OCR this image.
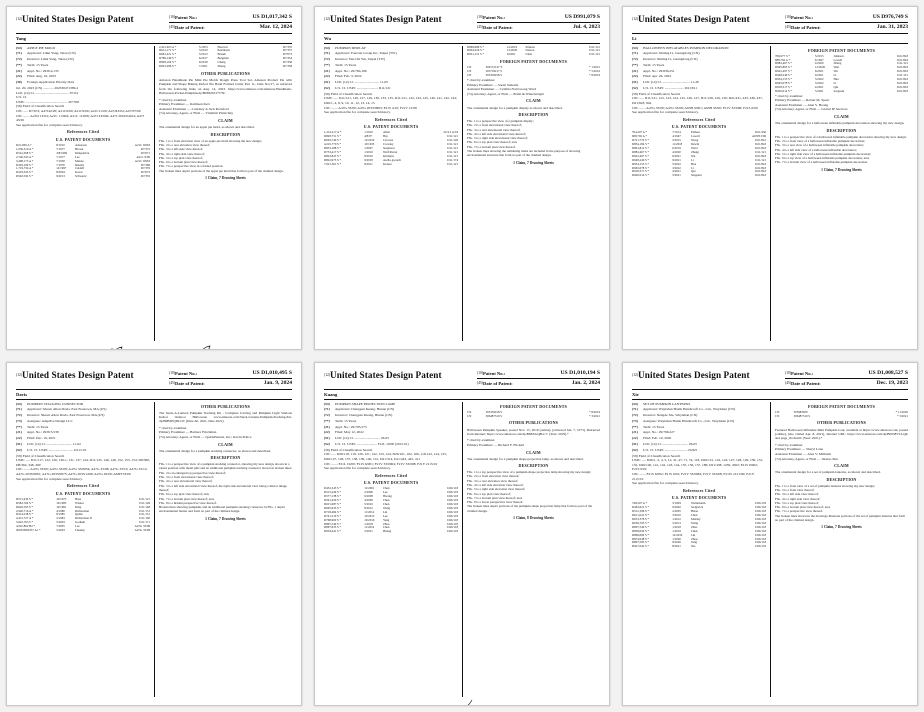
(12) United States Design Patent	(10) Patent No.:	US D1,017,342 S
(45) Date of Patent:	Mar. 12, 2024
Yang
(54)	APPLE PIE MOLD
(71)	Applicant: Lihui Yang, Taizu (CN)
(72)	Inventor: Lihui Yang, Taizu (CN)
(**)	Term: 15 Years
(21)	Appl. No.: 29/814,135
(22)	Filed: Aug. 16, 2023
(30)	Foreign Application Priority Data
Jul. 20, 2023 (CN) ............ 202330471389.4
LOC (14) Cl. ...................................... 07-04
U.S. Cl.
USPC ................................................ D7/358
(58) Field of Classification Search
CPC ..... D7/672; A47J42/20; A21C9/00; A21C9/06; A21C11/00; A47J43/04; A47J37/00
CPC ....... A21D 13/04; A21C 11/004; A21C 11/008; A47J 43/046; A47J 2043/04454; A47J 43/20
See application file for complete search history.
References Cited
U.S. PATENT DOCUMENTS
D21,839 A *	8/1910	Ackerson	A21C 9/063
1,036,519 A *	7/1977	Brown	D7/372
D522,308 S *	3/8/1982	Kirkpatrick	D7/671
2,740,345 A *	7/1977	Lee	A21C 9/00
3,498,175 A *	7/1950	Massie	A21C 9/063
D329,169 S *	7/1976	Rizzuti	D7/366
1,719,734 A *	12/1997	Caldeff	D7/376
D418,343 S *	8/2004	Kovac	D7/672
D540,592 S *	9/2013	Schwartz	D7/355
2,421,025 A *	5/1953	Howard	D7/355
D612,171 S *	3/2010	Pendleton	D7/357
D681,421 S *	5/2013	Brandt	D7/673
D789,149 S *	6/2017	Bergman	D7/354
D828,104 S *	9/2018	Cheng	D7/358
D925,286 S *	7/2021	Zhang	D7/358
OTHER PUBLICATIONS
Amazon Handmade Pie Mini Pie Molds Dough Press Tool Set, Amazon Product Pie with Pumpkin and Shape Baking Perfect Pie Hand Formed Cutter Part 11,. Date Nov17, as retrieved from the following links on Aug. 14, 2023. https://www.amazon.com/Amazon-Handmade-Halloween-Pocket-Pumpkin-dp/B08XNZVT7N/.
* cited by examiner
Primary Examiner — Kathleen Kerr
Assistant Examiner — Courtney A Jack Rockford
(74) Attorney, Agent, or Firm — Vladimir Pivnichny
CLAIM
The ornamental design for an apple pie mold, as shown and described.
DESCRIPTION
FIG. 1 is a front elevation view of an apple pie mold showing the new design;
FIG. 2 is a rear elevation view thereof;
FIG. 3 is a left-side view thereof;
FIG. 4 is a right-side view thereof;
FIG. 5 is a top plan view thereof;
FIG. 6 is a bottom plan view thereof;
FIG. 7 is a perspective view in a folded position.
The broken lines depict portions of the apple pie mold that form no part of the claimed design.
1 Claim, 7 Drawing Sheets
(12) United States Design Patent	(10) Patent No.:	US D991,079 S
(45) Date of Patent:	Jul. 4, 2023
Wu
(54)	PUMPKIN DISPLAY
(71)	Applicant: Yourstar Group Inc, Taipei (TW)
(72)	Inventor: Yen-Chi Wu, Taipei (TW)
(**)	Term: 15 Years
(21)	Appl. No.: 29/784,186
(22)	Filed: Feb. 3, 2022
(51)	LOC (14) Cl. ............................ 11-05
(52)	U.S. Cl. USPC ........................ D11/121
(58) Field of Classification Search
USPC ..... D11/121, 126, 127, 129, 130, 133, 135, D11/121, 122, 124, 125, 140, 141, 142, 144; D26/1, 4, 8, 9, 10, 11, 12, 13, 14, 15
CPC ....... A47G 33/00; A47G 2033/0863; F21S 4/10; F21V 21/08
See application file for complete search history.
References Cited
U.S. PATENT DOCUMENTS
1,214,217 A *	1/1910	Allen	22/4 2 A/18
D828,751 S *	4/8/07	Bay	D11/121
D629,749 S *	12/2010	Ciccone	D11/126
4,210,779 S *	10/1935	Crowley	D11/121
D833,188 S *	1/2007	Stapleton	D11/121
D733,417 S *	1/2010	Wolf/Porter	D11/121
D822,847 S *	8/2010	Kitchens	D11/121
D822,975 S *	9/2018	Arella-gwasch	D11/174
7,921,501 S *	8/2011	Krausz	D11/121
D869,989 S *	12/2019	Simons	D11/121
D904,226 S *	12/2020	Nelson	D11/121
D931,151 S *	9/2021	Chen	D11/121
FOREIGN PATENT DOCUMENTS
CN	300172147 Y	* 1/2021
CN	303718217 S	* 5/2016
CN	305339018 S	* 8/2019
* cited by examiner
Primary Examiner — Sarah Stakalla
Assistant Examiner — Cynthia Nail Luong Ward
(74) Attorney, Agent, or Firm — Bolin & Wheelwright
CLAIM
The ornamental design for a pumpkin display as shown and described.
DESCRIPTION
FIG. 1 is a perspective view of a pumpkin display;
FIG. 2 is a front elevational view thereof;
FIG. 3 is a rear elevational view thereof;
FIG. 4 is a left side elevational view thereof;
FIG. 5 is a right side elevational view thereof;
FIG. 6 is a top plan view thereof; and,
FIG. 7 is a bottom plan view thereof.
The broken lines showing the remaining items are included in the purpose of showing environmental structure that form no part of the claimed design.
1 Claim, 7 Drawing Sheets
(12) United States Design Patent	(10) Patent No.:	US D976,749 S
(45) Date of Patent:	Jan. 31, 2023
Li
(54)	HALLOWEEN INFLATABLES PUMPKIN DECORATION
(71)	Applicant: Xinling Li, Guangdong (CN)
(72)	Inventor: Xinling Li, Guangdong (CN)
(**)	Term: 15 Years
(21)	Appl. No.: 29/836,251
(22)	Filed: Apr. 26, 2022
(51)	LOC (14) Cl. ............................... 11-49
(52)	U.S. Cl. USPC ...................... D21/811
(58) Field of Classification Search
CPC ..... D11/121, 122, 123, 124, 125, 126, 127, D11/128, 129, 130; D21/431, 433, 436, 437, D21/843, 844
CPC ....... A47G 33/00; A47G 33/08; A63H 3/001; A63H 33/00; F21V 33/008; F21S 6/00
See application file for complete search history.
References Cited
U.S. PATENT DOCUMENTS
704,207 A *	7/1914	Ealhew	D21/436
608,702 A *	4/1947	Lowell	A63H 3/06
D721,774 S *	2/2015	Wong	D21/841
D834,184 S *	11/2018	Dewitt	D21/843
D861,812 S *	6/2019	Ward	D21/843
D882,467 S *	4/2020	Zhang	D11/121
D922,497 S *	6/2021	Wu	D21/843
D928,249 S *	9/2021	Li	D11/121
D954,153 S *	5/2022	Hua	D21/843
D965,078 S *	3/2022	Li	D21/843
D918,317 S *	4/2021	Qiu	D21/843
D920,014 S *	5/2021	Sergeant	D21/843
FOREIGN PATENT DOCUMENTS
706,977 S *	5/2015	Johnson	D21/843
688,702 A *	6/1947	Lowell	D21/843
D882,467 S *	4/2020	Zhang	D11/121
D905,805 S *	12/2020	Wen	D21/843
D922,497 S *	6/2021	Wu	D21/843
D928,249 S *	9/2021	Li	D11/121
D954,153 S *	5/2022	Hua	D21/843
D965,078 S *	3/2022	Li	D21/843
D918,317 S *	4/2021	Qiu	D21/843
D920,014 S *	5/2021	Sergeant	D21/843
* cited by examiner
Primary Examiner — Robert M. Spear
Assistant Examiner — Alan S. Hoang
(74) Attorney, Agent, or Firm — Global IP Services
CLAIM
The ornamental design for a halloween inflatable pumpkin decoration showing my new design.
DESCRIPTION
FIG. 1 is a perspective view of a halloween inflatable pumpkin decoration showing my new design;
FIG. 2 is a front view of a halloween inflatable pumpkin decoration;
FIG. 3 is a rear view of a halloween inflatable pumpkin decoration;
FIG. 4 is a left side view of a halloween inflatable decoration;
FIG. 5 is a right side view of a halloween inflatable pumpkin decoration;
FIG. 6 is a top view of a halloween inflatable pumpkin decoration; and,
FIG. 7 is a bottom view of a halloween inflatable pumpkin decoration.
1 Claim, 7 Drawing Sheets
(12) United States Design Patent	(10) Patent No.:	US D1,010,495 S
(45) Date of Patent:	Jan. 9, 2024
Davis
(54)	PUMPKIN STACKING CONNECTOR
(71)	Applicant: Shawn Allen Davis, East Freetown, MA (US)
(72)	Inventor: Shawn Allen Davis, East Freetown, MA (US)
(73)	Assignee: AdaptIve Design LLC
(**)	Term: 15 Years
(21)	Appl. No.: 29/815,538
(22)	Filed: Dec. 19, 2021
(51)	LOC (14) Cl. ............................. 11-02
(52)	U.S. Cl. USPC ............................ D11/119
(58) Field of Classification Search
USPC ..... D11/117, 122, 126, 130-1, 131, 137, 144, D11/145, 146, 149, 152, 153, 154; D8/360, D8/362, 348, 490
CPC ....... A47G 33/00; A47G 33/08; A47G 33/0854; A47G 33/08; A47G 33/10; A47G 33/12; A47G 2033/0861; A47G 2033/0875; A47G 2033/1266; A47G 29/00; A63H 33/00
See application file for complete search history.
References Cited
U.S. PATENT DOCUMENTS
D515,430 S *	10/1973	Haas	D11/121
D582,764 S *	10/1985	Wisner	D11/149
D626,763 S *	10/1981	King	D11/148
2,920,716 A *	4/1980	Richardson	D11/151
D414,238 S *	8/1985	Quinn	D11/151
4,412,727 A *	2/1983	Richardson II	D11/140
5,622,763 S *	5/2003	Gorham	D11/171
4,910,802 B2 *	7/2005	Lee	A47G 33/08
2003/0082337 A1 *	5/2003	Cheung	A47G 33/08
OTHER PUBLICATIONS
The Stack-A-Lantern Pumpkin Stacking Kit - Complete Carving and Pumpkin Light Stations Indoor Outdoor Halloween www.amazon.com/Stack-Lantern-Pumpkin-Stacking-Kit-dp/B0B3PQDLC0/ (Date Jul, 2021, Date 2021).
* cited by examiner
Primary Examiner — Barbara Fritchman
(74) Attorney, Agent, or Firm — QuickPatents, Inc.; Kevin Prince
CLAIM
The ornamental design for a pumpkin stacking connector, as shown and described.
DESCRIPTION
FIG. 1 is a perspective view of a pumpkin stacking connector, showing my new design, shown in a raised position with metal pins and an additional pumpkin stacking connector shown in broken lines;
FIG. 2 is an enlarged top perspective view thereof;
FIG. 3 is a front elevational view thereof;
FIG. 4 is a rear elevational view thereof;
FIG. 5 is a left side elevational view thereof, the right side elevational view being a mirror image thereof;
FIG. 6 is a top plan view thereof; and,
FIG. 7 is a bottom plan view thereof; and,
FIG. 8 is a hidden perspective view thereof.
Broken lines showing pumpkins and an additional pumpkin stacking connector in FIG. 1 depict environmental matter and form no part of the claimed design.
1 Claim, 7 Drawing Sheets
(12) United States Design Patent	(10) Patent No.:	US D1,010,194 S
(45) Date of Patent:	Jan. 2, 2024
Kuang
(54)	PUMPKIN SHAPE PROJECTION LAMP
(71)	Applicant: Chengpan Kuang, Hunan (CN)
(72)	Inventor: Chengpan Kuang, Hunan (CN)
(**)	Term: 15 Years
(21)	Appl. No.: 29/785,573
(22)	Filed: May 12, 2022
(51)	LOC (14) Cl. ............................. 26-05
(52)	U.S. Cl. USPC ....................... F21L 19/00 (2015.01)
(58) Field of Classification Search
CPC ..... D26/118, 119, 120, 121, 122, 123, 124, D26/101, 102, 106, 118-122, 124, 125, D26/127, 128, 137, 138, 139, 140, 141, D21/314, D11/443, 445, 411
CPC ....... F21L 19/00; F21S 6/001; F21V 33/0004; F21V 33/008; F21Y 2115/10
See application file for complete search history.
References Cited
U.S. PATENT DOCUMENTS
D452,343 S *	12/2001	Chan	D26/118
D515,249 S *	2/2006	Lee	D26/118
D577,138 S *	9/2008	Hwang	D26/118
D591,450 S *	4/2009	Chen	D26/118
D615,687 S *	5/2010	Chen	D26/118
D665,933 S *	8/2012	Wang	D26/118
D718,484 S *	11/2014	Lin	D26/118
D741,519 S *	10/2015	Lee	D26/118
D768,900 S *	10/2016	Yang	D26/118
D807,549 S *	1/2018	Zhou	D26/118
D867,635 S *	11/2019	Chen	D26/118
D918,441 S *	5/2021	Huang	D26/118
FOREIGN PATENT DOCUMENTS
CN	305339018 S	* 8/2019
CN	306487319 S	* 3/2021
OTHER PUBLICATIONS
Halloween Pumpkin Speaker, posted Nov. 15, 2019 (online), [retrieved Jun. 7, 1073]. Retrieved from Internet: https://www.amazon.com/dp/B08XGQ8LC7. (Year: 2019).*
* cited by examiner
Primary Examiner — Richard F. Flickert
CLAIM
The ornamental design for a pumpkin shape projection lamp, as shown and described.
DESCRIPTION
FIG. 1 is a top perspective view of a pumpkin shape projection lamp showing my new design;
FIG. 2 is a front elevation view thereof;
FIG. 3 is a rear elevation view thereof;
FIG. 4 is a left side elevation view thereof;
FIG. 5 is a right side elevation view thereof;
FIG. 6 is a top plan view thereof;
FIG. 7 is a bottom plan view thereof; and,
FIG. 8 is a lower perspective view thereof.
The broken lines depict portions of the pumpkin shape projection lamp that form no part of the claimed design.
1 Claim, 8 Drawing Sheets
(12) United States Design Patent	(10) Patent No.:	US D1,008,527 S
(45) Date of Patent:	Dec. 19, 2023
Xie
(54)	SET OF PUMPKIN LANTERNS
(71)	Applicant: Wuyishan Haidu Handicraft Co., Ltd., Wuyishan (CN)
(72)	Inventor: Nengde Xie, Wuyishan (CN)
(73)	Assignee: Wuyishan Haidu Handicraft Co., Ltd., Wuyishan (CN)
(**)	Term: 15 Years
(21)	Appl. No.: 29/766,227
(22)	Filed: Feb. 10, 2020
(51)	LOC (14) Cl. ............................. 26-05
(52)	U.S. Cl. USPC .......................... D26/5
(58) Field of Classification Search
USPC ..... D26/1, 2, 4, 5, 12, 41, 47, 71, 74, 118, D26/121, 122, 124, 127, 128, 129, 130, 131, 132, D26/140, 141, 142, 143, 144, 155, 156, 157, 186; D21/438, 1239, 4502; F21S 6/002; F21S 9/02
CPC ....... F21S 6/002; F21S 9/02; F21V 33/0084; F21V 33/008; F21W 2121/00; F21Y 2115/10
See application file for complete search history.
References Cited
U.S. PATENT DOCUMENTS
748,207 A *	5/1904	Wallenstein	D26/118
D463,621 S *	9/2002	Sedgwick	D26/118
D512,186 S *	2/2005	Hsiao	D26/118
D611,641 S *	3/2010	Chen	D26/118
D653,378 S *	1/2012	Mobley	D26/118
D656,795 S *	5/2013	Wang	D26/118
D807,549 S *	1/2018	Zhao	D26/118
D838,042 S *	1/2019	Chen	D26/118
D869,082 S *	12/2019	Liu	D26/118
D874,048 S *	1/2020	Zhou	D26/118
D897,585 S *	9/2020	Tang	D26/118
D927,042 S *	8/2021	Xie	D26/118
FOREIGN PATENT DOCUMENTS
CN	305983200	* 11/2020
CN	306487319 S	* 3/2021
OTHER PUBLICATIONS
Featured Halloween Inflatable Mini Pumpkin look, available at https://www.amazon.com, posted [online], [site visited Apr. 8, 2021], Internet URL: https://www.amazon.com/dp/B0938VCLQK and page_th=detail/ (Year: 2021).*
* cited by examiner
Primary Examiner — Sheryl Lane
Assistant Examiner — Alex V. Milbrath
(74) Attorney, Agent, or Firm — Jiaxiao Zhu
CLAIM
The ornamental design for a set of pumpkin lanterns, as shown and described.
DESCRIPTION
FIG. 1 is a front view of a set of pumpkin lanterns showing my new design;
FIG. 2 is a front view thereof;
FIG. 3 is a left side view thereof;
FIG. 4 is a right side view thereof;
FIG. 5 is a top plan view thereof;
FIG. 6 is a bottom plan view thereof; and,
FIG. 7 is a perspective view thereof.
The broken lines shown in the drawings illustrate portions of the set of pumpkin lanterns that form no part of the claimed design.
1 Claim, 7 Drawing Sheets
